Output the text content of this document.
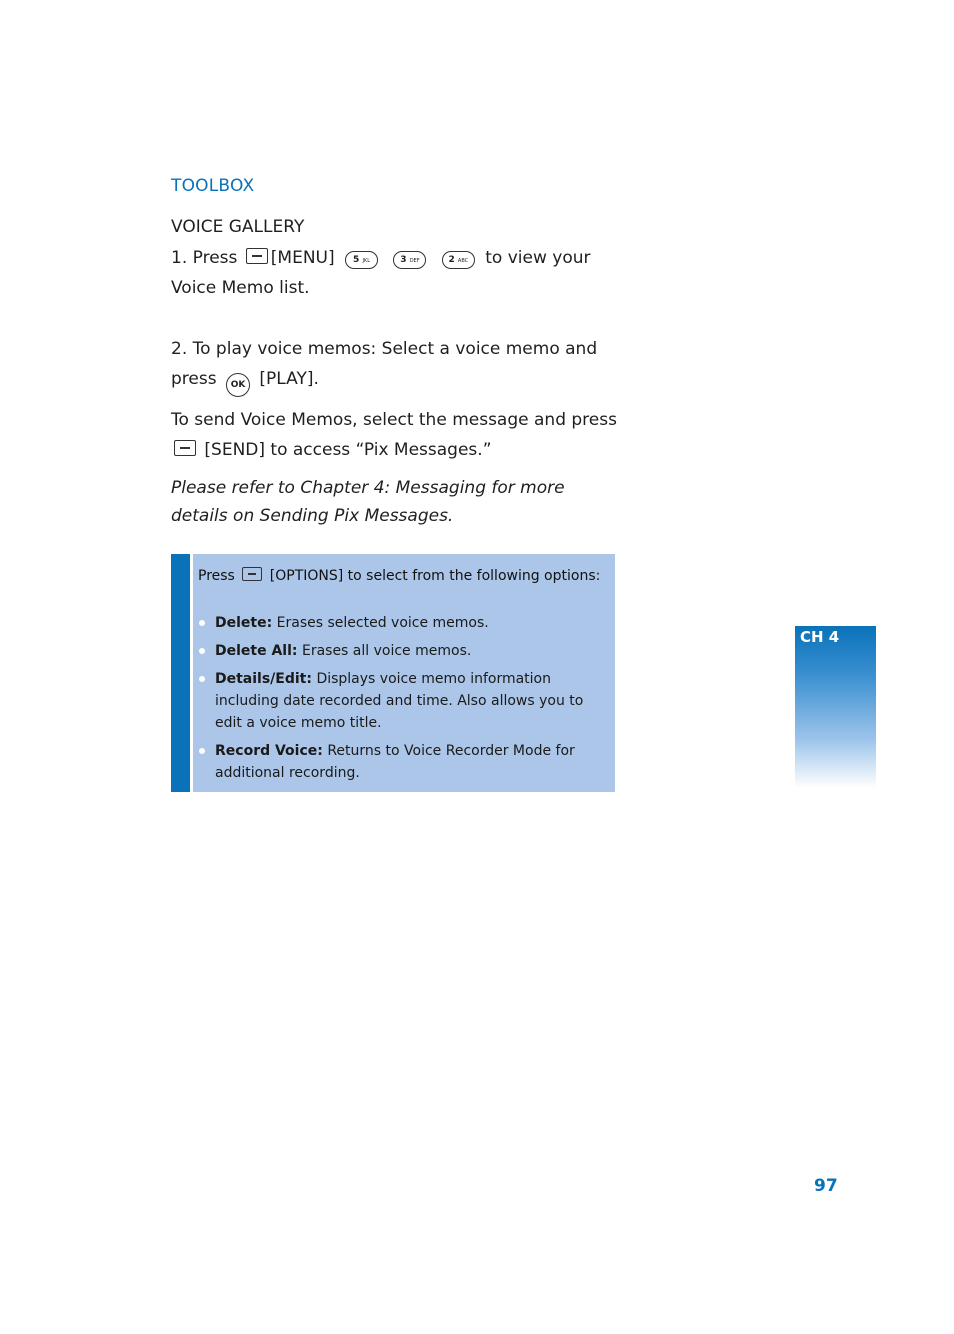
TOOLBOX
VOICE GALLERY
1. Press [MENU] 5 JKL	3 DEF	2 ABC to view your
Voice Memo list.
2. To play voice memos: Select a voice memo and
press OK [PLAY].
To send Voice Memos, select the message and press
[SEND] to access “Pix Messages.”
Please refer to Chapter 4: Messaging for more details on Sending Pix Messages.
Press [OPTIONS] to select from the following options:
Delete: Erases selected voice memos.
Delete All: Erases all voice memos.
Details/Edit: Displays voice memo information including date recorded and time. Also allows you to edit a voice memo title.
Record Voice: Returns to Voice Recorder Mode for additional recording.
CH 4
97
